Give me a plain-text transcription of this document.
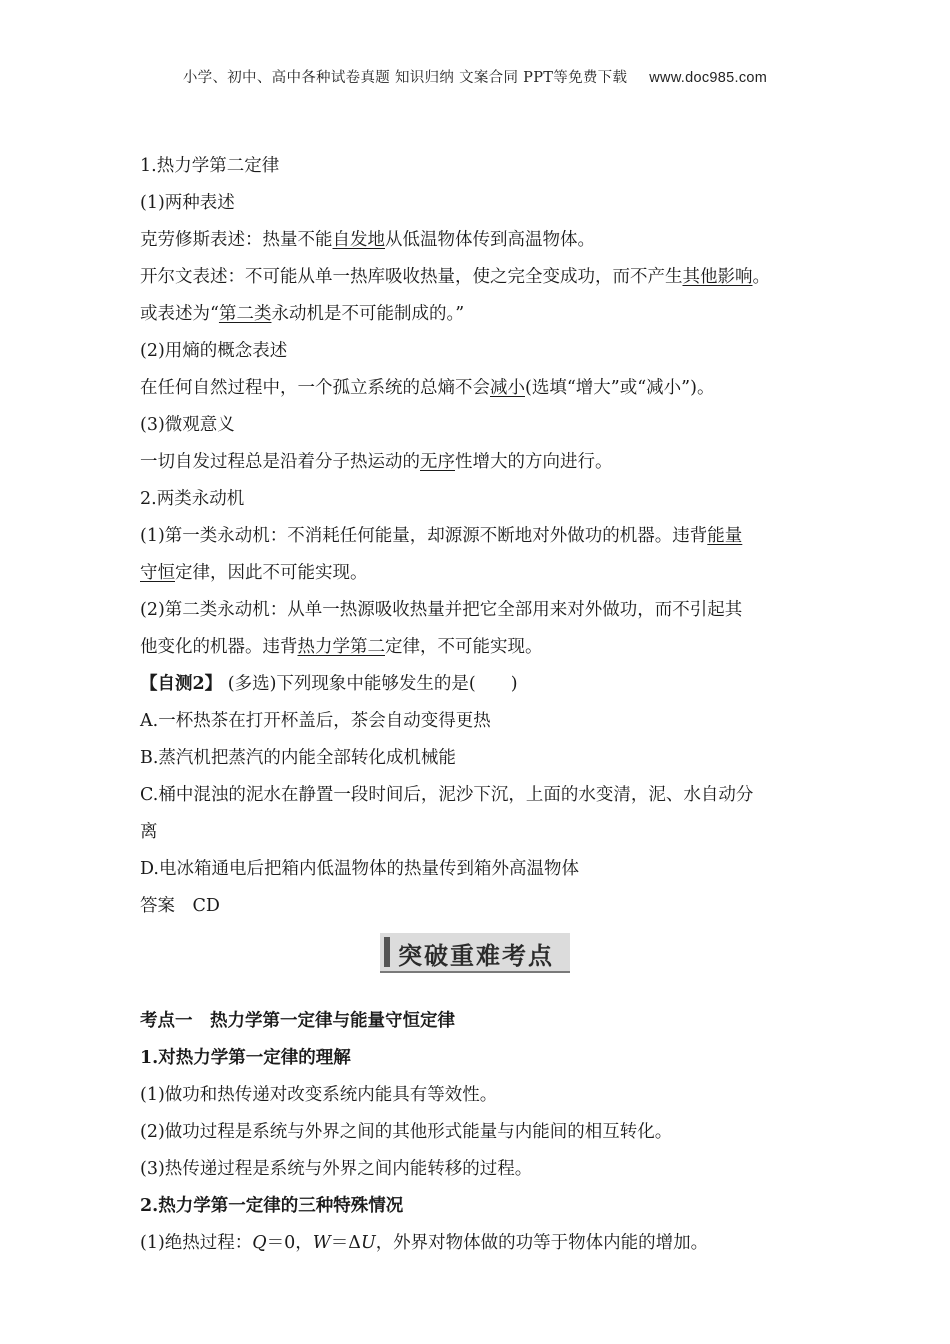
小学、初中、高中各种试卷真题 知识归纳 文案合同 PPT等免费下载 www.doc985.com
1.热力学第二定律
(1)两种表述
克劳修斯表述：热量不能自发地从低温物体传到高温物体。
开尔文表述：不可能从单一热库吸收热量，使之完全变成功，而不产生其他影响。
或表述为“第二类永动机是不可能制成的。”
(2)用熵的概念表述
在任何自然过程中，一个孤立系统的总熵不会减小(选填“增大”或“减小”)。
(3)微观意义
一切自发过程总是沿着分子热运动的无序性增大的方向进行。
2.两类永动机
(1)第一类永动机：不消耗任何能量，却源源不断地对外做功的机器。违背能量
守恒定律，因此不可能实现。
(2)第二类永动机：从单一热源吸收热量并把它全部用来对外做功，而不引起其
他变化的机器。违背热力学第二定律，不可能实现。
【自测2】 (多选)下列现象中能够发生的是(　　)
A.一杯热茶在打开杯盖后，茶会自动变得更热
B.蒸汽机把蒸汽的内能全部转化成机械能
C.桶中混浊的泥水在静置一段时间后，泥沙下沉，上面的水变清，泥、水自动分
离
D.电冰箱通电后把箱内低温物体的热量传到箱外高温物体
答案　CD
突破重难考点
考点一　热力学第一定律与能量守恒定律
1.对热力学第一定律的理解
(1)做功和热传递对改变系统内能具有等效性。
(2)做功过程是系统与外界之间的其他形式能量与内能间的相互转化。
(3)热传递过程是系统与外界之间内能转移的过程。
2.热力学第一定律的三种特殊情况
(1)绝热过程：Q＝0，W＝ΔU，外界对物体做的功等于物体内能的增加。
